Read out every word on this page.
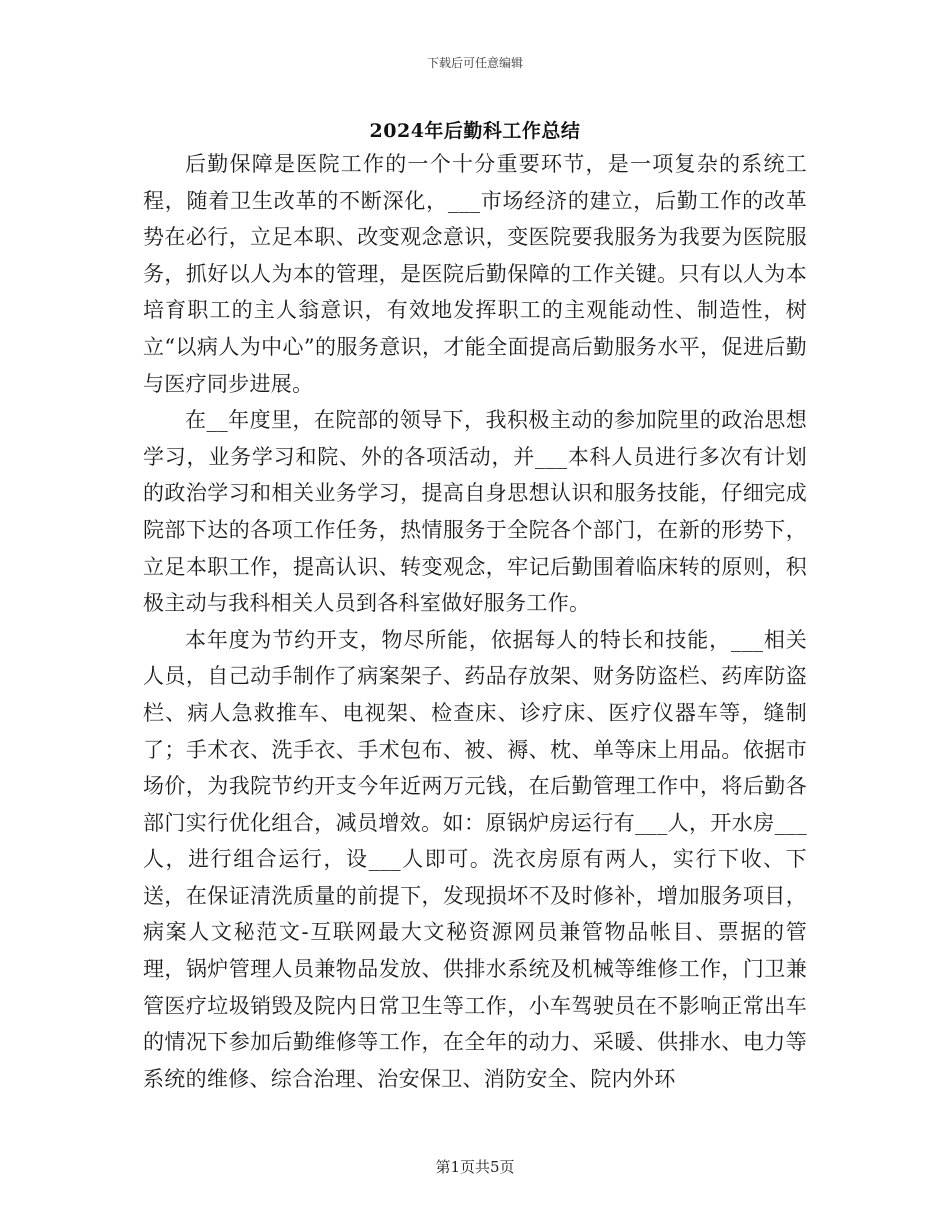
下载后可任意编辑
2024年后勤科工作总结

后勤保障是医院工作的一个十分重要环节，是一项复杂的系统工程，随着卫生改革的不断深化，___市场经济的建立，后勤工作的改革势在必行，立足本职、改变观念意识，变医院要我服务为我要为医院服务，抓好以人为本的管理，是医院后勤保障的工作关键。只有以人为本培育职工的主人翁意识，有效地发挥职工的主观能动性、制造性，树立“以病人为中心”的服务意识，才能全面提高后勤服务水平，促进后勤与医疗同步进展。

在__年度里，在院部的领导下，我积极主动的参加院里的政治思想学习，业务学习和院、外的各项活动，并___本科人员进行多次有计划的政治学习和相关业务学习，提高自身思想认识和服务技能，仔细完成院部下达的各项工作任务，热情服务于全院各个部门，在新的形势下，立足本职工作，提高认识、转变观念，牢记后勤围着临床转的原则，积极主动与我科相关人员到各科室做好服务工作。

本年度为节约开支，物尽所能，依据每人的特长和技能，___相关人员，自己动手制作了病案架子、药品存放架、财务防盗栏、药库防盗栏、病人急救推车、电视架、检查床、诊疗床、医疗仪器车等，缝制了；手术衣、洗手衣、手术包布、被、褥、枕、单等床上用品。依据市场价，为我院节约开支今年近两万元钱，在后勤管理工作中，将后勤各部门实行优化组合，减员增效。如：原锅炉房运行有___人，开水房___人，进行组合运行，设___人即可。洗衣房原有两人，实行下收、下送，在保证清洗质量的前提下，发现损坏不及时修补，增加服务项目，病案人文秘范文-互联网最大文秘资源网员兼管物品帐目、票据的管理，锅炉管理人员兼物品发放、供排水系统及机械等维修工作，门卫兼管医疗垃圾销毁及院内日常卫生等工作，小车驾驶员在不影响正常出车的情况下参加后勤维修等工作，在全年的动力、采暖、供排水、电力等系统的维修、综合治理、治安保卫、消防安全、院内外环

第1页共5页
